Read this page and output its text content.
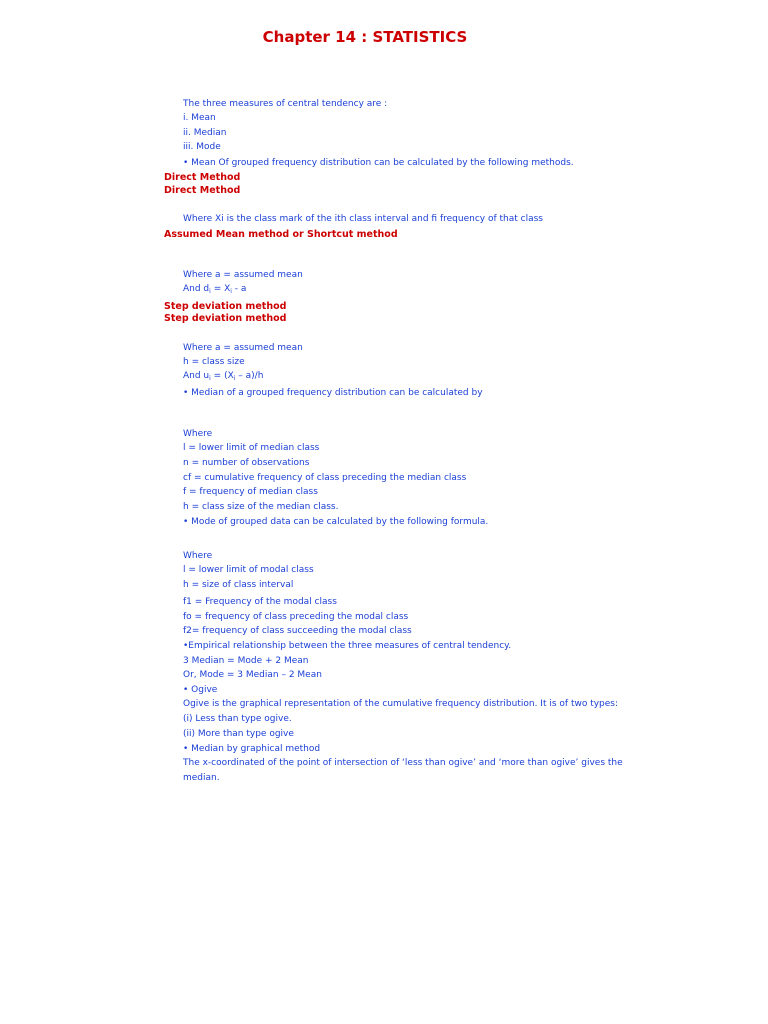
Chapter 14 : STATISTICS
The three measures of central tendency are :
i. Mean
ii. Median
iii. Mode
• Mean Of grouped frequency distribution can be calculated by the following methods.
Direct Method
Direct Method
Where Xi is the class mark of the ith class interval and fi frequency of that class
Assumed Mean method or Shortcut method
Where a = assumed mean
And $d_i = X_i - a$
Step deviation method
Step deviation method
Where a = assumed mean
h = class size
And $u_i = (X_i - a)/h$
• Median of a grouped frequency distribution can be calculated by
Where
l = lower limit of median class
n = number of observations
cf = cumulative frequency of class preceding the median class
f = frequency of median class
h = class size of the median class.
• Mode of grouped data can be calculated by the following formula.
Where
l = lower limit of modal class
h = size of class interval
f1 = Frequency of the modal class
fo = frequency of class preceding the modal class
f2= frequency of class succeeding the modal class
•Empirical relationship between the three measures of central tendency.
3 Median = Mode + 2 Mean
Or, Mode = 3 Median – 2 Mean
• Ogive
Ogive is the graphical representation of the cumulative frequency distribution. It is of two types:
(i) Less than type ogive.
(ii) More than type ogive
• Median by graphical method
The x-coordinated of the point of intersection of ‘less than ogive’ and ‘more than ogive’ gives the median.
